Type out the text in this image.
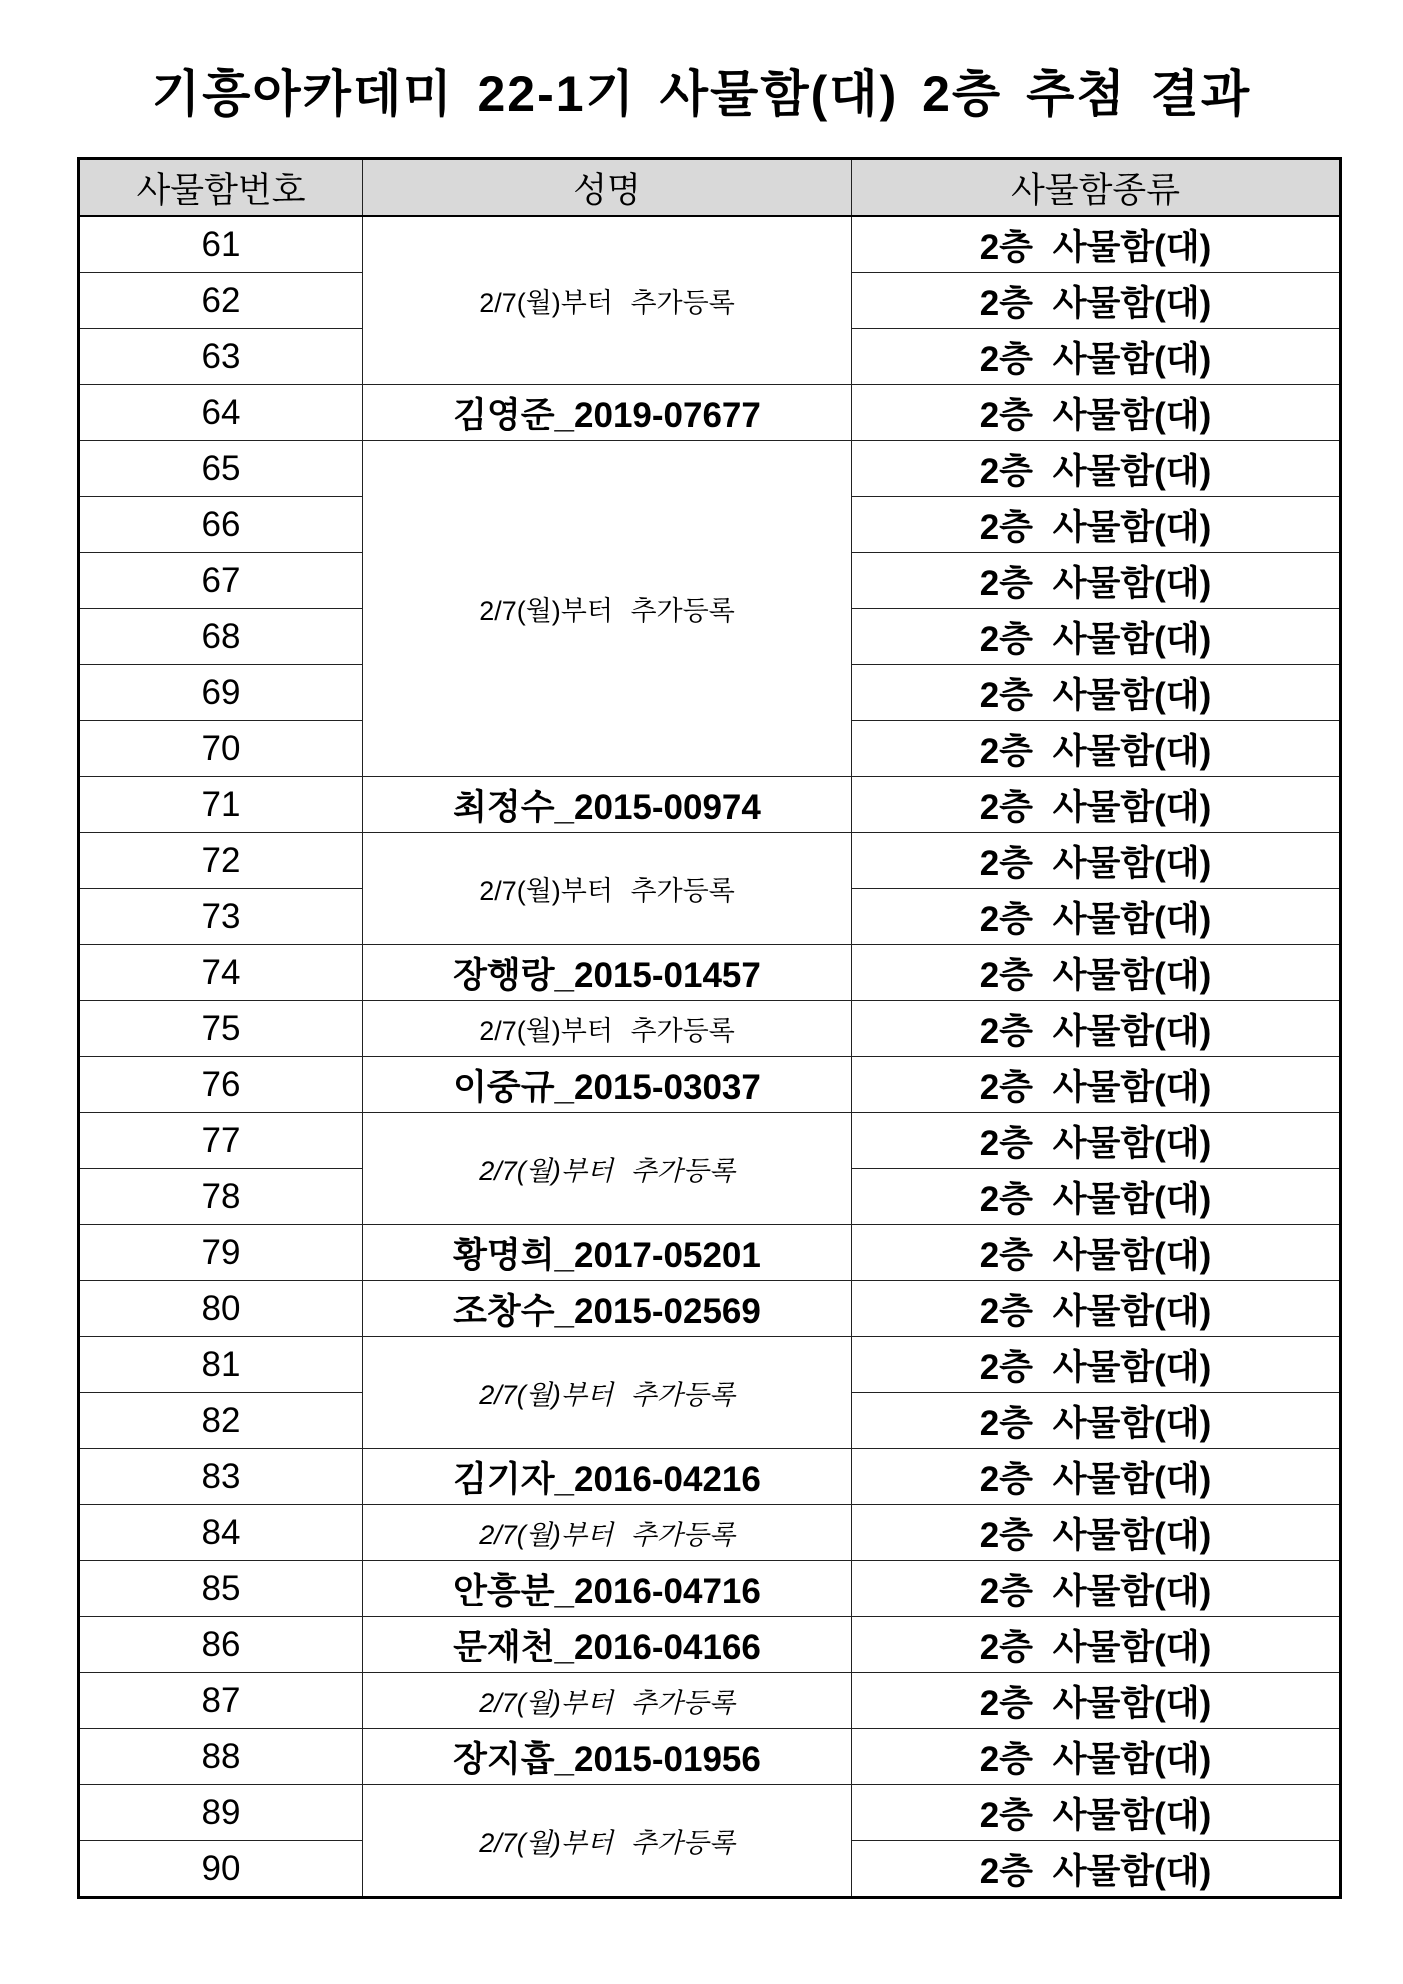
기흥아카데미 22-1기 사물함(대) 2층 추첨 결과
사물함번호	성명	사물함종류
61	2/7(월)부터 추가등록	2층 사물함(대)
62		2층 사물함(대)
63		2층 사물함(대)
64	김영준_2019-07677	2층 사물함(대)
65	2/7(월)부터 추가등록	2층 사물함(대)
66		2층 사물함(대)
67		2층 사물함(대)
68		2층 사물함(대)
69		2층 사물함(대)
70		2층 사물함(대)
71	최정수_2015-00974	2층 사물함(대)
72	2/7(월)부터 추가등록	2층 사물함(대)
73		2층 사물함(대)
74	장행랑_2015-01457	2층 사물함(대)
75	2/7(월)부터 추가등록	2층 사물함(대)
76	이중규_2015-03037	2층 사물함(대)
77	2/7(월)부터 추가등록	2층 사물함(대)
78		2층 사물함(대)
79	황명희_2017-05201	2층 사물함(대)
80	조창수_2015-02569	2층 사물함(대)
81	2/7(월)부터 추가등록	2층 사물함(대)
82		2층 사물함(대)
83	김기자_2016-04216	2층 사물함(대)
84	2/7(월)부터 추가등록	2층 사물함(대)
85	안흥분_2016-04716	2층 사물함(대)
86	문재천_2016-04166	2층 사물함(대)
87	2/7(월)부터 추가등록	2층 사물함(대)
88	장지흡_2015-01956	2층 사물함(대)
89	2/7(월)부터 추가등록	2층 사물함(대)
90		2층 사물함(대)
